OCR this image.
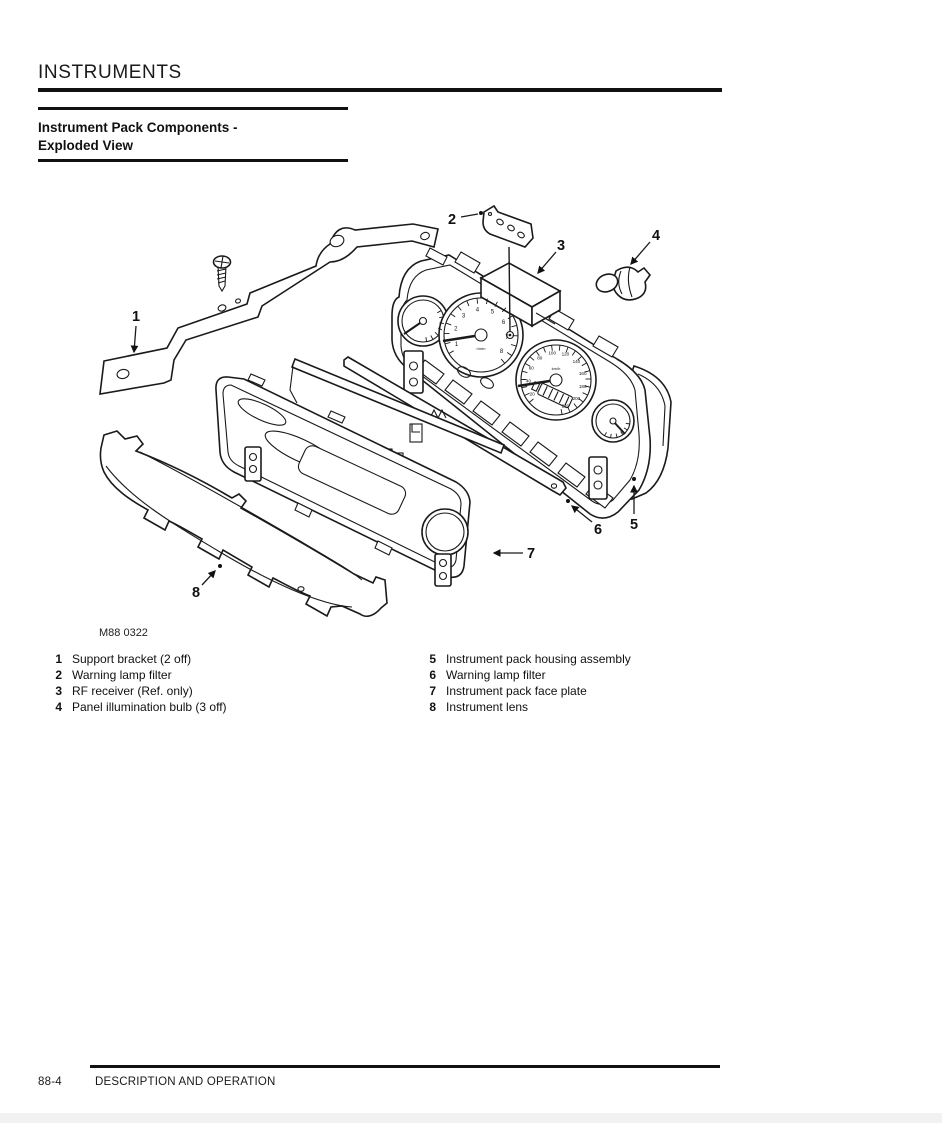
INSTRUMENTS
Instrument Pack Components -
Exploded View
1
2
3
4
5
6
7
8
M88 0322
1
2
3
4 5
6
7
8
20
40
60
80
100 120
140
160
180
200
220
r/min
km/h
1 Support bracket (2 off)
2 Warning lamp filter
3 RF receiver (Ref. only)
4 Panel illumination bulb (3 off)
5 Instrument pack housing assembly
6 Warning lamp filter
7 Instrument pack face plate
8 Instrument lens
88-4	DESCRIPTION AND OPERATION
